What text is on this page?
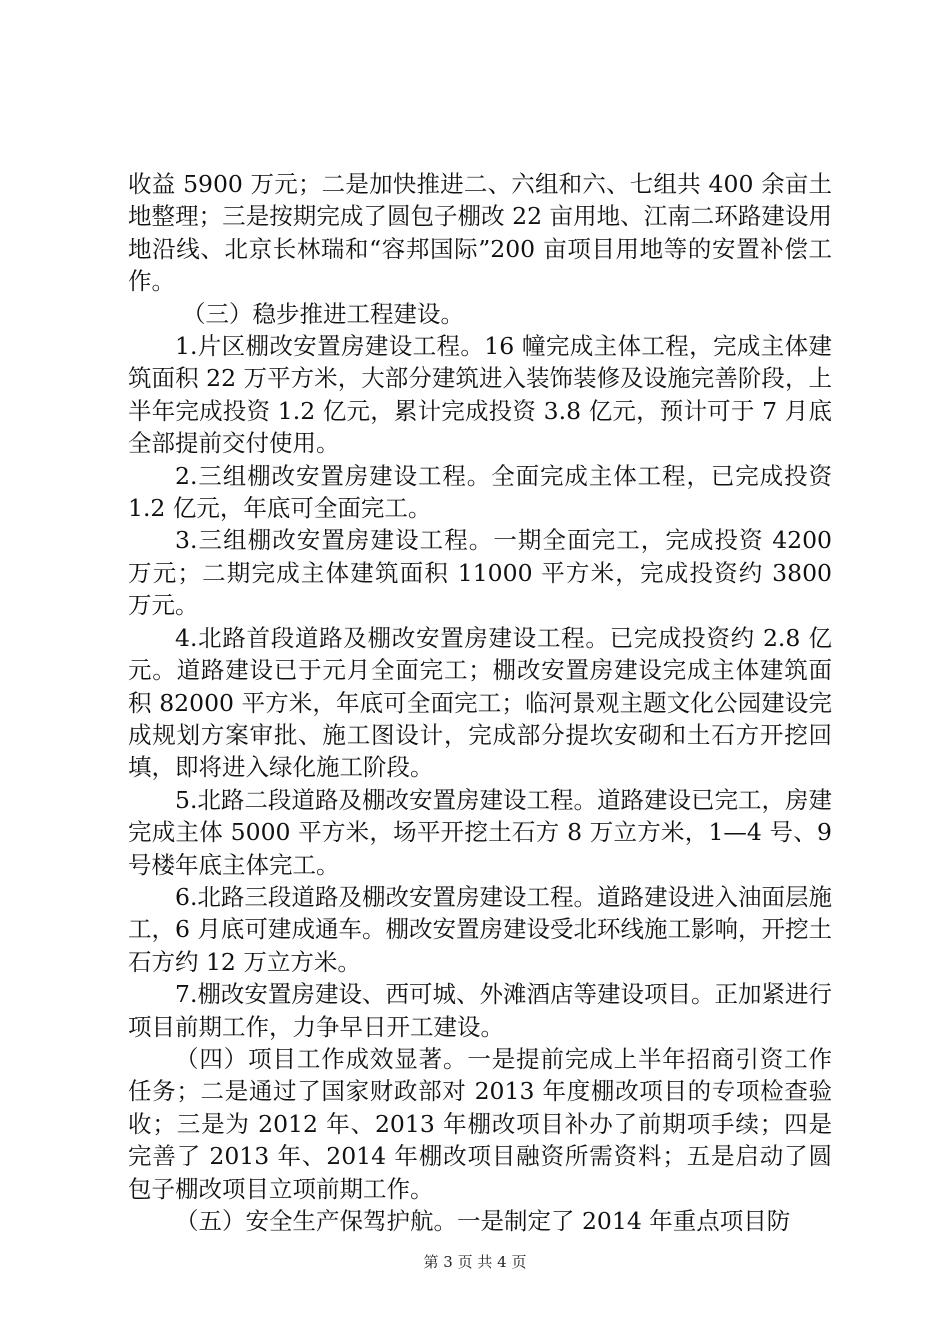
收益 5900 万元；二是加快推进二、六组和六、七组共 400 余亩土地整理；三是按期完成了圆包子棚改 22 亩用地、江南二环路建设用地沿线、北京长林瑞和“容邦国际”200 亩项目用地等的安置补偿工作。

（三）稳步推进工程建设。

1.片区棚改安置房建设工程。16 幢完成主体工程，完成主体建筑面积 22 万平方米，大部分建筑进入装饰装修及设施完善阶段，上半年完成投资 1.2 亿元，累计完成投资 3.8 亿元，预计可于 7 月底全部提前交付使用。

2.三组棚改安置房建设工程。全面完成主体工程，已完成投资 1.2 亿元，年底可全面完工。

3.三组棚改安置房建设工程。一期全面完工，完成投资 4200 万元；二期完成主体建筑面积 11000 平方米，完成投资约 3800 万元。

4.北路首段道路及棚改安置房建设工程。已完成投资约 2.8 亿元。道路建设已于元月全面完工；棚改安置房建设完成主体建筑面积 82000 平方米，年底可全面完工；临河景观主题文化公园建设完成规划方案审批、施工图设计，完成部分提坎安砌和土石方开挖回填，即将进入绿化施工阶段。

5.北路二段道路及棚改安置房建设工程。道路建设已完工，房建完成主体 5000 平方米，场平开挖土石方 8 万立方米，1—4 号、9 号楼年底主体完工。

6.北路三段道路及棚改安置房建设工程。道路建设进入油面层施工，6 月底可建成通车。棚改安置房建设受北环线施工影响，开挖土石方约 12 万立方米。

7.棚改安置房建设、西可城、外滩酒店等建设项目。正加紧进行项目前期工作，力争早日开工建设。

（四）项目工作成效显著。一是提前完成上半年招商引资工作任务；二是通过了国家财政部对 2013 年度棚改项目的专项检查验收；三是为 2012 年、2013 年棚改项目补办了前期项手续；四是完善了 2013 年、2014 年棚改项目融资所需资料；五是启动了圆包子棚改项目立项前期工作。

（五）安全生产保驾护航。一是制定了 2014 年重点项目防

第 3 页 共 4 页
